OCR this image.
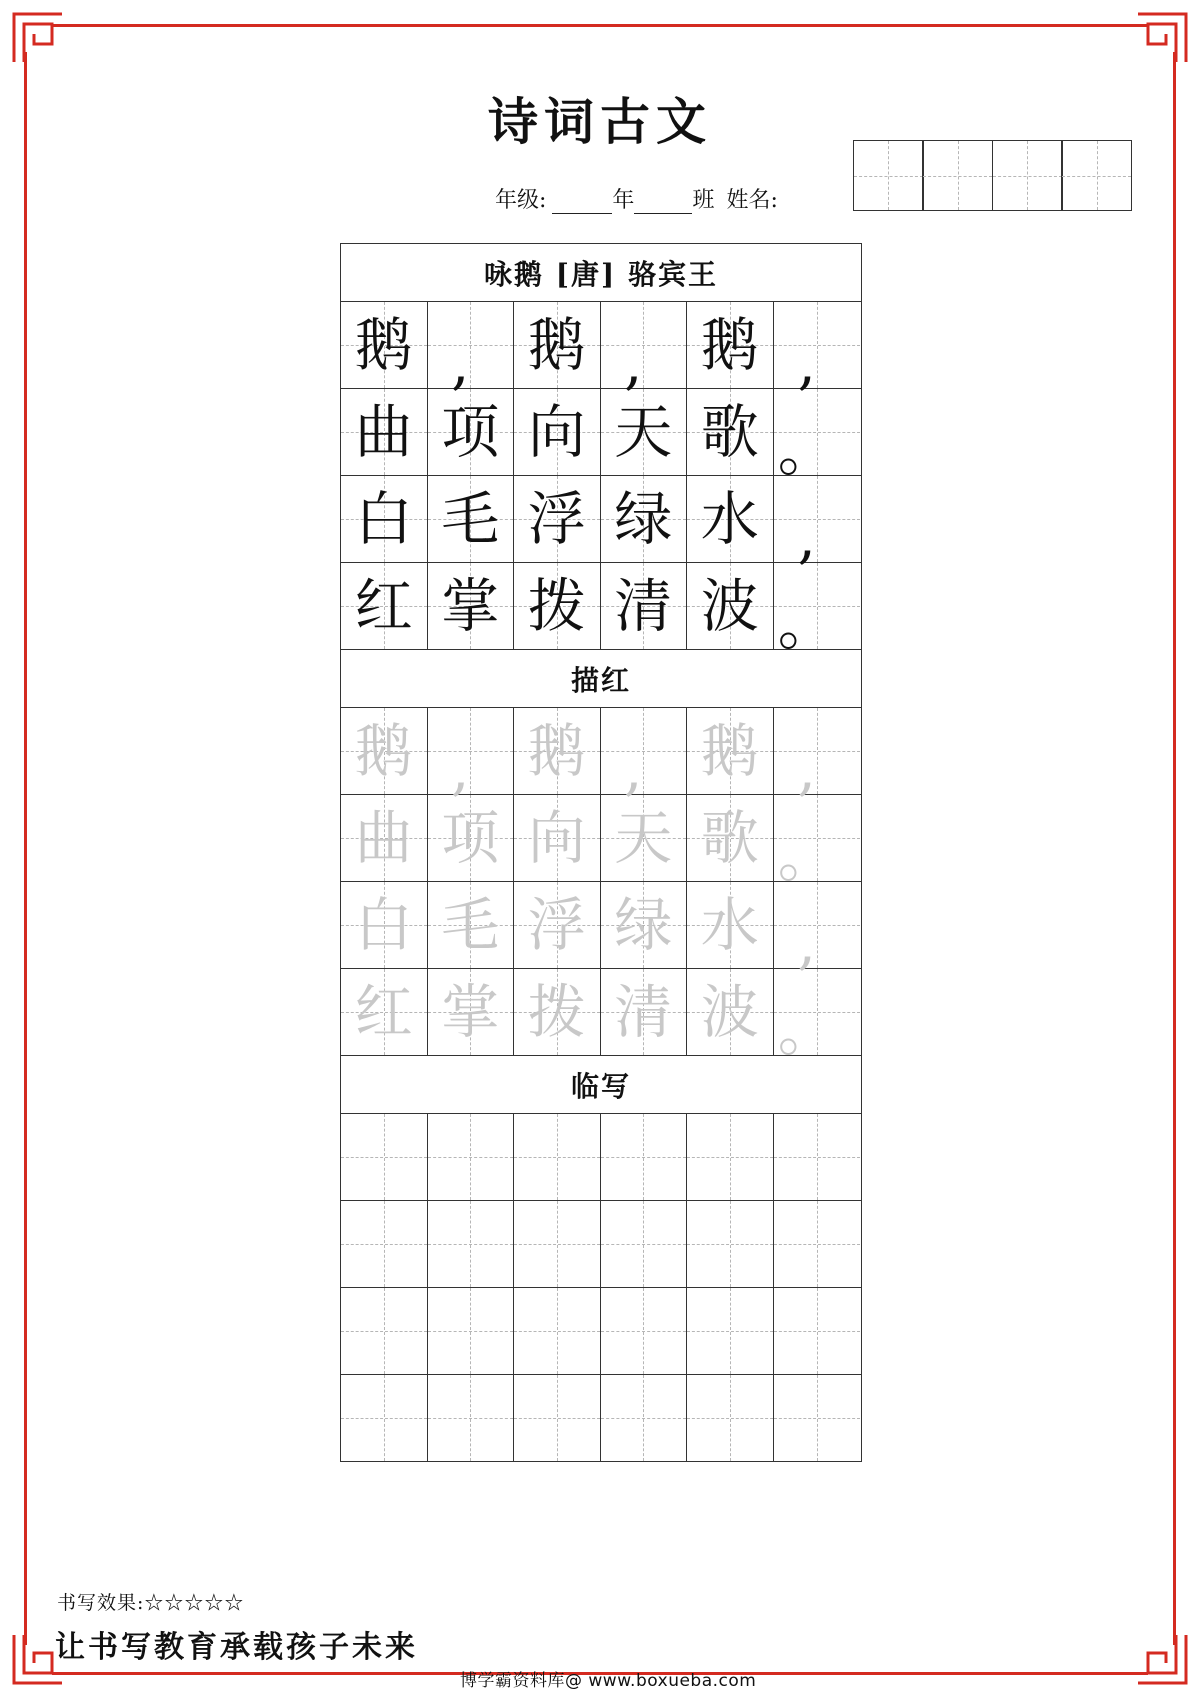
诗词古文
年级:	年	班 姓名:
咏鹅 [唐] 骆宾王
鹅 , 鹅 , 鹅 ,
曲 项 向 天 歌 。
白 毛 浮 绿 水 ,
红 掌 拨 清 波 。
描红
鹅 , 鹅 , 鹅 ,
曲 项 向 天 歌 。
白 毛 浮 绿 水 ,
红 掌 拨 清 波 。
临写
书写效果:☆☆☆☆☆
让书写教育承载孩子未来
博学霸资料库@ www.boxueba.com
